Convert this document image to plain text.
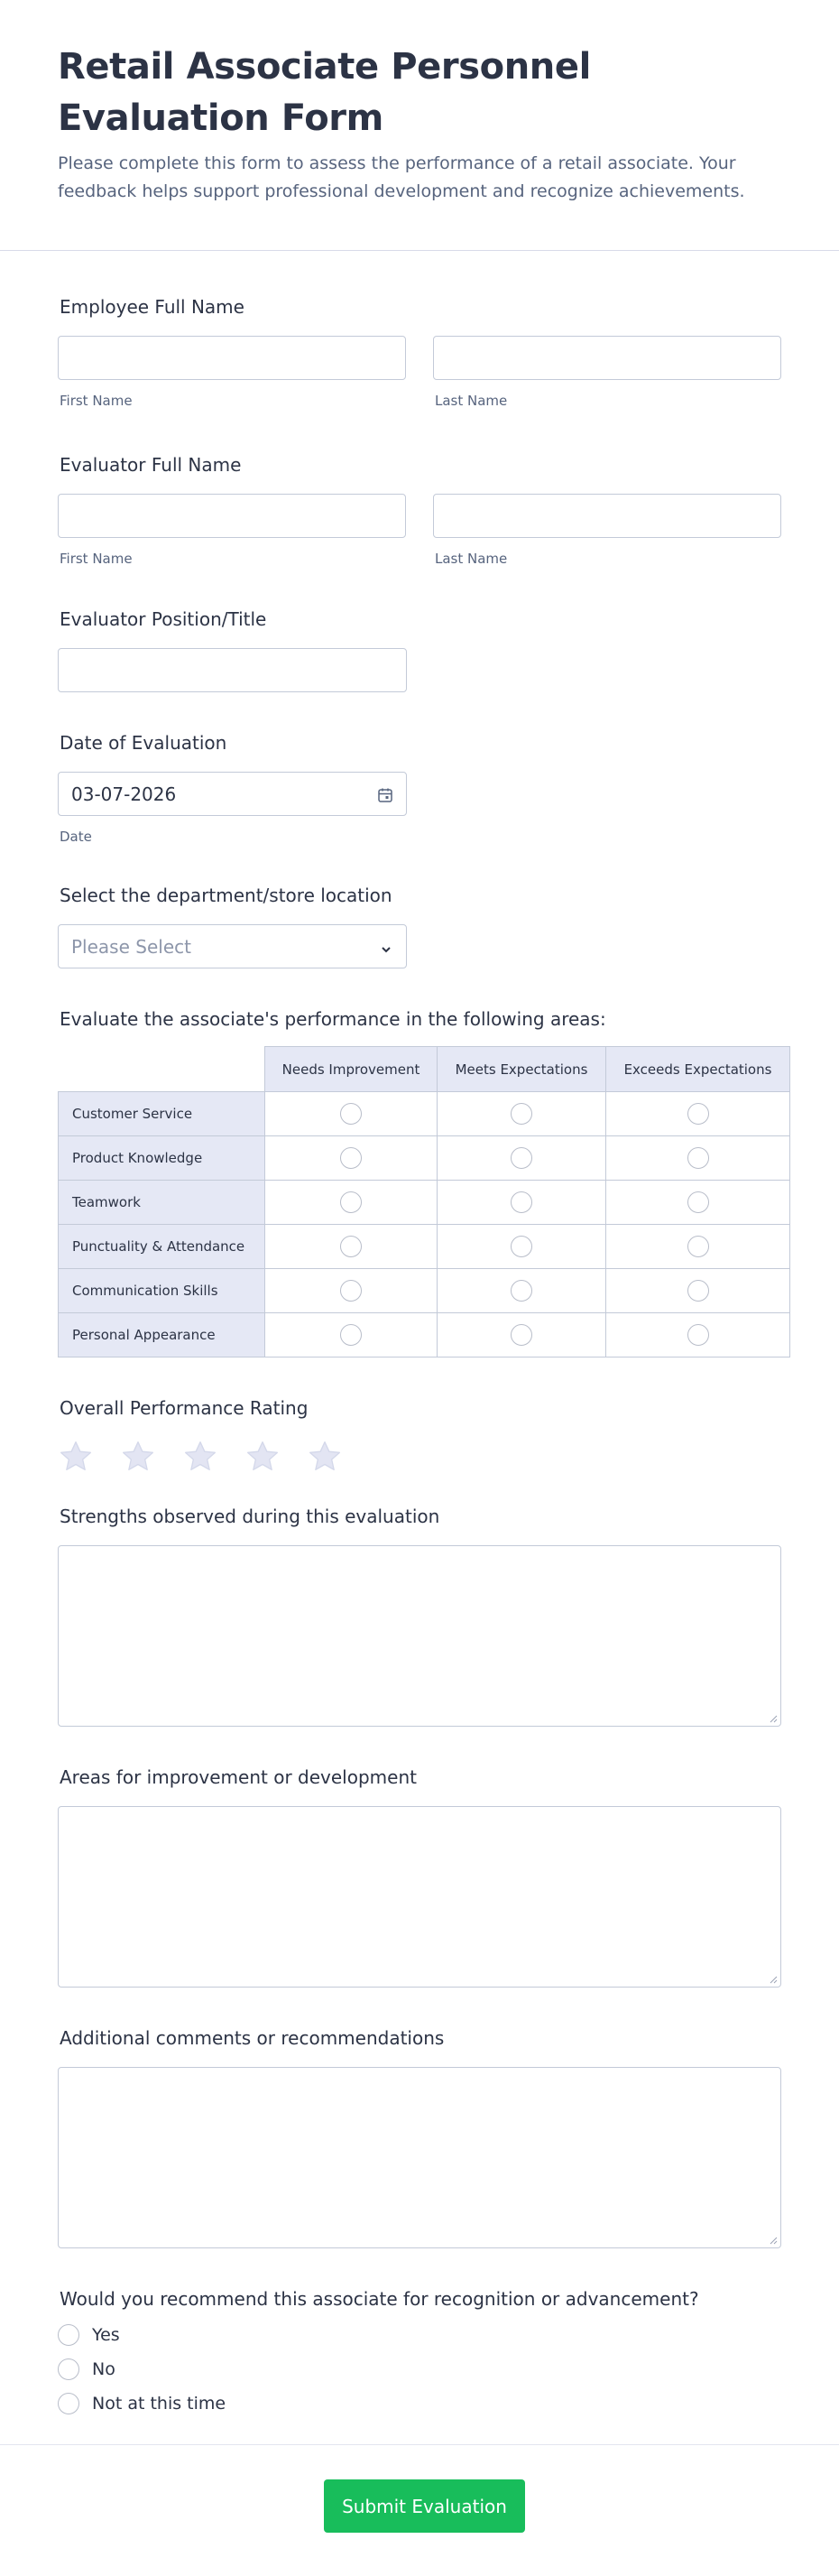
Retail Associate Personnel Evaluation Form
Please complete this form to assess the performance of a retail associate. Your feedback helps support professional development and recognize achievements.
Employee Full Name
First Name	Last Name
Evaluator Full Name
First Name	Last Name
Evaluator Position/Title
Date of Evaluation
03-07-2026
Date
Select the department/store location
Please Select
Evaluate the associate's performance in the following areas:
	Needs Improvement	Meets Expectations	Exceeds Expectations
Customer Service			
Product Knowledge			
Teamwork			
Punctuality & Attendance			
Communication Skills			
Personal Appearance			
Overall Performance Rating
Strengths observed during this evaluation
Areas for improvement or development
Additional comments or recommendations
Would you recommend this associate for recognition or advancement?
Yes
No
Not at this time
Submit Evaluation
